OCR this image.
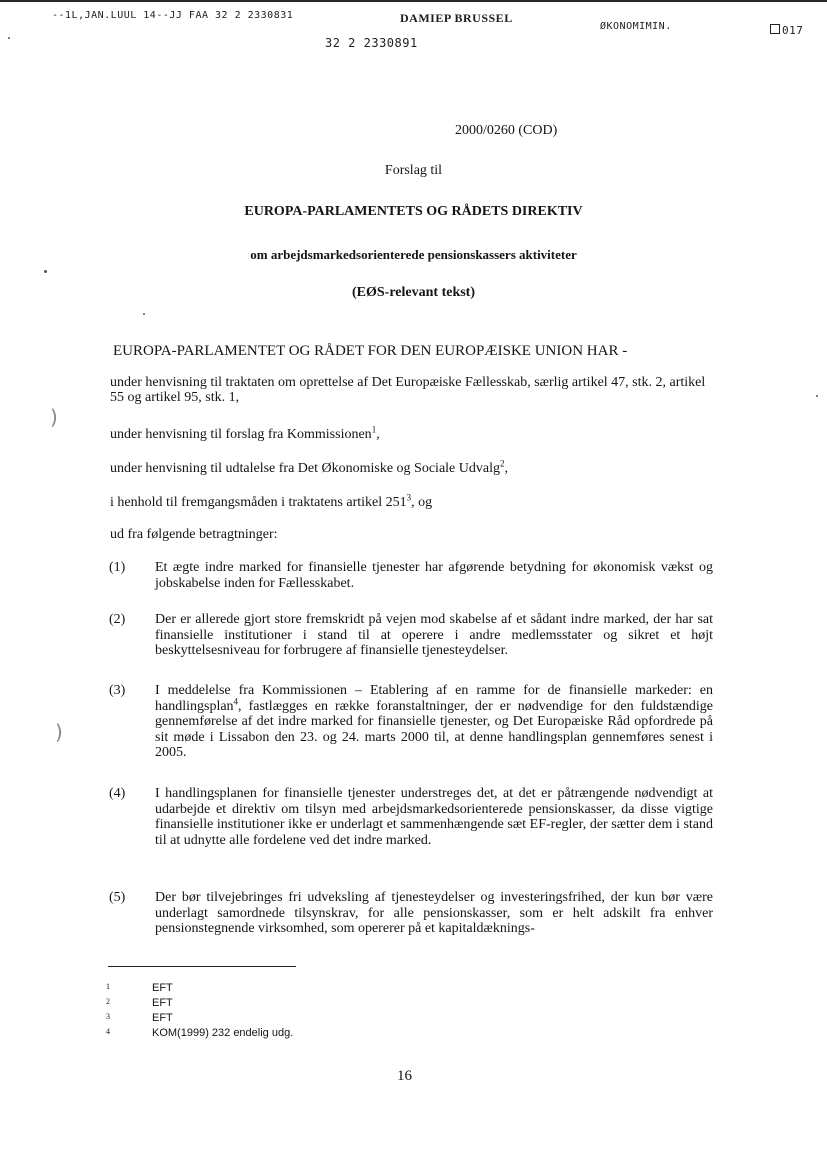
--1L,JAN.LUUL 14--JJ FAA 32 2 2330831	DAMIEP BRUSSEL
32 2 2330891
ØKONOMIMIN.	017
)
)
2000/0260 (COD)
Forslag til
EUROPA-PARLAMENTETS OG RÅDETS DIREKTIV
om arbejdsmarkedsorienterede pensionskassers aktiviteter
(EØS-relevant tekst)
EUROPA-PARLAMENTET OG RÅDET FOR DEN EUROPÆISKE UNION HAR -
under henvisning til traktaten om oprettelse af Det Europæiske Fællesskab, særlig artikel 47, stk. 2, artikel 55 og artikel 95, stk. 1,
under henvisning til forslag fra Kommissionen$^1$,
under henvisning til udtalelse fra Det Økonomiske og Sociale Udvalg$^2$,
i henhold til fremgangsmåden i traktatens artikel $251^3$, og
ud fra følgende betragtninger:
(1) Et ægte indre marked for finansielle tjenester har afgørende betydning for økonomisk vækst og jobskabelse inden for Fællesskabet.
(2) Der er allerede gjort store fremskridt på vejen mod skabelse af et sådant indre marked, der har sat finansielle institutioner i stand til at operere i andre medlemsstater og sikret et højt beskyttelsesniveau for forbrugere af finansielle tjenesteydelser.
(3) I meddelelse fra Kommissionen – Etablering af en ramme for de finansielle markeder: en handlingsplan$^4$, fastlægges en række foranstaltninger, der er nødvendige for den fuldstændige gennemførelse af det indre marked for finansielle tjenester, og Det Europæiske Råd opfordrede på sit møde i Lissabon den 23. og 24. marts 2000 til, at denne handlingsplan gennemføres senest i 2005.
(4) I handlingsplanen for finansielle tjenester understreges det, at det er påtrængende nødvendigt at udarbejde et direktiv om tilsyn med arbejdsmarkedsorienterede pensionskasser, da disse vigtige finansielle institutioner ikke er underlagt et sammenhængende sæt EF-regler, der sætter dem i stand til at udnytte alle fordelene ved det indre marked.
(5) Der bør tilvejebringes fri udveksling af tjenesteydelser og investeringsfrihed, der kun bør være underlagt samordnede tilsynskrav, for alle pensionskasser, som er helt adskilt fra enhver pensionstegnende virksomhed, som opererer på et kapitaldæknings-
1	EFT
2	EFT
3	EFT
4	KOM(1999) 232 endelig udg.
16
